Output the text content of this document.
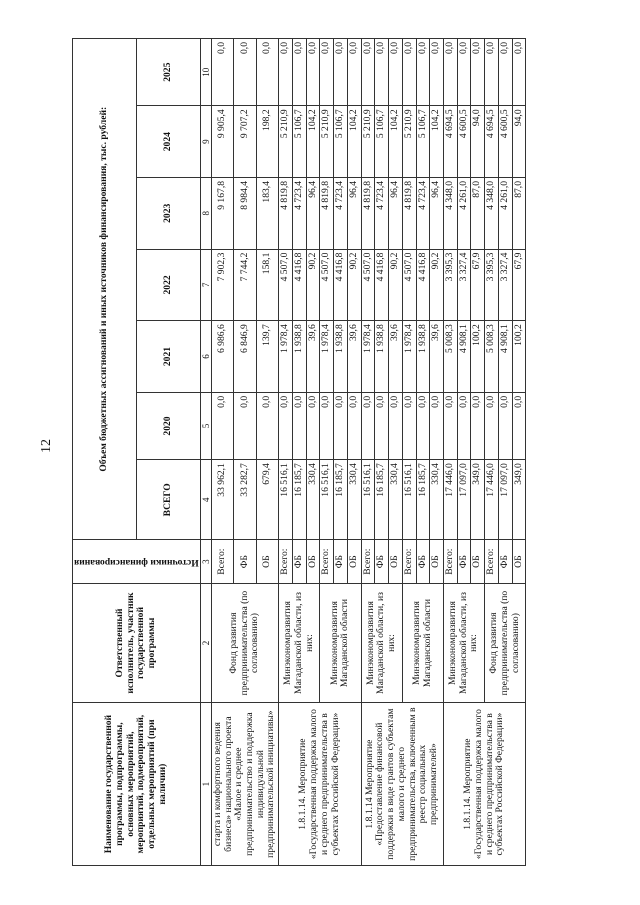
12
Наименование государственной программы, подпрограммы, основных мероприятий, мероприятий, подмероприятий, отдельных мероприятий (при наличии)	Ответственный исполнитель, участник государственной программы	Источники финансирования	Объем бюджетных ассигнований и иных источников финансирования, тыс. рублей:						
			ВСЕГО	2020	2021	2022	2023	2024	2025
1	2	3	4	5	6	7	8	9	10
старта и комфортного ведения бизнеса» национального проекта «Малое и среднее предпринимательство и поддержка индивидуальной предпринимательской инициативы»	Фонд развития предпринимательства (по согласованию)	Всего:	33 962,1	0,0	6 986,6	7 902,3	9 167,8	9 905,4	0,0
		ФБ	33 282,7	0,0	6 846,9	7 744,2	8 984,4	9 707,2	0,0
		ОБ	679,4	0,0	139,7	158,1	183,4	198,2	0,0
1.8.1.14. Мероприятие «Государственная поддержка малого и среднего предпринимательства в субъектах Российской Федерации»	Минэкономразвития Магаданской области, из них:	Всего:	16 516,1	0,0	1 978,4	4 507,0	4 819,8	5 210,9	0,0
		ФБ	16 185,7	0,0	1 938,8	4 416,8	4 723,4	5 106,7	0,0
		ОБ	330,4	0,0	39,6	90,2	96,4	104,2	0,0
	Минэкономразвития Магаданской области	Всего:	16 516,1	0,0	1 978,4	4 507,0	4 819,8	5 210,9	0,0
		ФБ	16 185,7	0,0	1 938,8	4 416,8	4 723,4	5 106,7	0,0
		ОБ	330,4	0,0	39,6	90,2	96,4	104,2	0,0
1.8.1.14 Мероприятие «Предоставление финансовой поддержки в виде грантов субъектам малого и среднего предпринимательства, включенным в реестр социальных предпринимателей»	Минэкономразвития Магаданской области, из них:	Всего:	16 516,1	0,0	1 978,4	4 507,0	4 819,8	5 210,9	0,0
		ФБ	16 185,7	0,0	1 938,8	4 416,8	4 723,4	5 106,7	0,0
		ОБ	330,4	0,0	39,6	90,2	96,4	104,2	0,0
	Минэкономразвития Магаданской области	Всего:	16 516,1	0,0	1 978,4	4 507,0	4 819,8	5 210,9	0,0
		ФБ	16 185,7	0,0	1 938,8	4 416,8	4 723,4	5 106,7	0,0
		ОБ	330,4	0,0	39,6	90,2	96,4	104,2	0,0
1.8.1.14. Мероприятие «Государственная поддержка малого и среднего предпринимательства в субъектах Российской Федерации»	Минэкономразвития Магаданской области, из них:	Всего:	17 446,0	0,0	5 008,3	3 395,3	4 348,0	4 694,5	0,0
		ФБ	17 097,0	0,0	4 908,1	3 327,4	4 261,0	4 600,5	0,0
		ОБ	349,0	0,0	100,2	67,9	87,0	94,0	0,0
	Фонд развития предпринимательства (по согласованию)	Всего:	17 446,0	0,0	5 008,3	3 395,3	4 348,0	4 694,5	0,0
		ФБ	17 097,0	0,0	4 908,1	3 327,4	4 261,0	4 600,5	0,0
		ОБ	349,0	0,0	100,2	67,9	87,0	94,0	0,0
